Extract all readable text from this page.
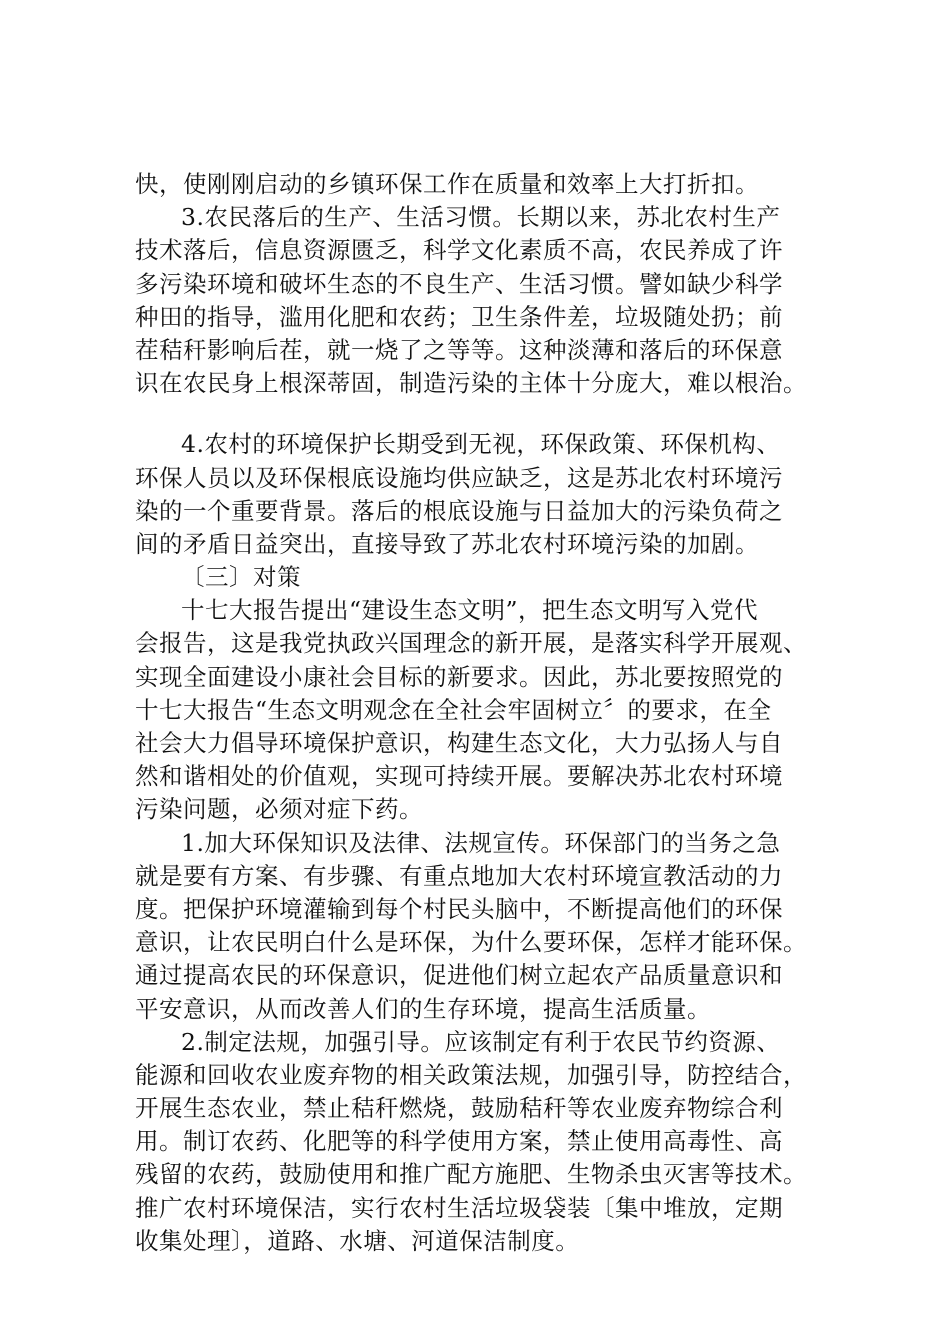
快，使刚刚启动的乡镇环保工作在质量和效率上大打折扣。
3.农民落后的生产、生活习惯。长期以来，苏北农村生产
技术落后，信息资源匮乏，科学文化素质不高，农民养成了许
多污染环境和破坏生态的不良生产、生活习惯。譬如缺少科学
种田的指导，滥用化肥和农药；卫生条件差，垃圾随处扔；前
茬秸秆影响后茬，就一烧了之等等。这种淡薄和落后的环保意
识在农民身上根深蒂固，制造污染的主体十分庞大，难以根治。
4.农村的环境保护长期受到无视，环保政策、环保机构、
环保人员以及环保根底设施均供应缺乏，这是苏北农村环境污
染的一个重要背景。落后的根底设施与日益加大的污染负荷之
间的矛盾日益突出，直接导致了苏北农村环境污染的加剧。
〔三〕对策
十七大报告提出“建设生态文明”，把生态文明写入党代
会报告，这是我党执政兴国理念的新开展，是落实科学开展观、
实现全面建设小康社会目标的新要求。因此，苏北要按照党的
十七大报告“生态文明观念在全社会牢固树立〞的要求，在全
社会大力倡导环境保护意识，构建生态文化，大力弘扬人与自
然和谐相处的价值观，实现可持续开展。要解决苏北农村环境
污染问题，必须对症下药。
1.加大环保知识及法律、法规宣传。环保部门的当务之急
就是要有方案、有步骤、有重点地加大农村环境宣教活动的力
度。把保护环境灌输到每个村民头脑中，不断提高他们的环保
意识，让农民明白什么是环保，为什么要环保，怎样才能环保。
通过提高农民的环保意识，促进他们树立起农产品质量意识和
平安意识，从而改善人们的生存环境，提高生活质量。
2.制定法规，加强引导。应该制定有利于农民节约资源、
能源和回收农业废弃物的相关政策法规，加强引导，防控结合，
开展生态农业，禁止秸秆燃烧，鼓励秸秆等农业废弃物综合利
用。制订农药、化肥等的科学使用方案，禁止使用高毒性、高
残留的农药，鼓励使用和推广配方施肥、生物杀虫灭害等技术。
推广农村环境保洁，实行农村生活垃圾袋装〔集中堆放，定期
收集处理〕，道路、水塘、河道保洁制度。
